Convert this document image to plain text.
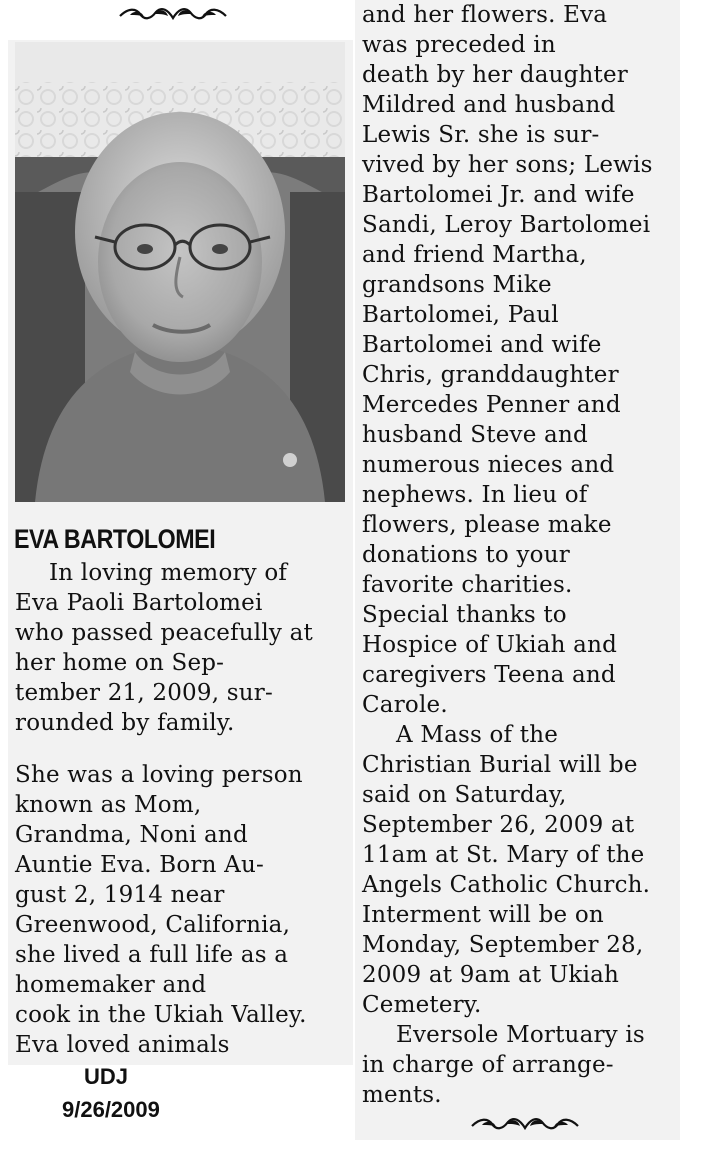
EVA BARTOLOMEI
In loving memory of
Eva Paoli Bartolomei
who passed peacefully at
her home on Sep-
tember 21, 2009, sur-
rounded by family.
She was a loving person
known as Mom,
Grandma, Noni and
Auntie Eva. Born Au-
gust 2, 1914 near
Greenwood, California,
she lived a full life as a
homemaker and
cook in the Ukiah Valley.
Eva loved animals
and her flowers. Eva
was preceded in
death by her daughter
Mildred and husband
Lewis Sr. she is sur-
vived by her sons; Lewis
Bartolomei Jr. and wife
Sandi, Leroy Bartolomei
and friend Martha,
grandsons Mike
Bartolomei, Paul
Bartolomei and wife
Chris, granddaughter
Mercedes Penner and
husband Steve and
numerous nieces and
nephews. In lieu of
flowers, please make
donations to your
favorite charities.
Special thanks to
Hospice of Ukiah and
caregivers Teena and
Carole.
A Mass of the
Christian Burial will be
said on Saturday,
September 26, 2009 at
11am at St. Mary of the
Angels Catholic Church.
Interment will be on
Monday, September 28,
2009 at 9am at Ukiah
Cemetery.
Eversole Mortuary is
in charge of arrange-
ments.
UDJ
9/26/2009
